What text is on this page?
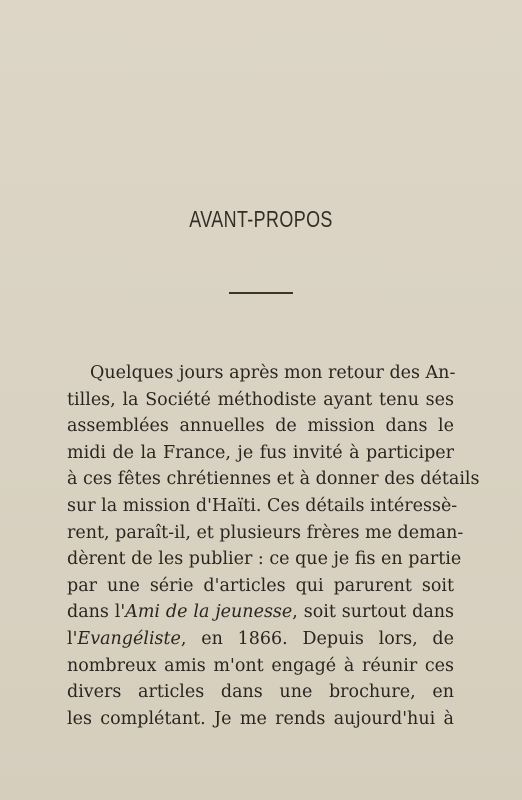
AVANT-PROPOS
Quelques jours après mon retour des An-
tilles, la Société méthodiste ayant tenu ses
assemblées annuelles de mission dans le
midi de la France, je fus invité à participer
à ces fêtes chrétiennes et à donner des détails
sur la mission d'Haïti. Ces détails intéressè-
rent, paraît-il, et plusieurs frères me deman-
dèrent de les publier : ce que je fis en partie
par une série d'articles qui parurent soit
dans l'Ami de la jeunesse, soit surtout dans
l'Evangéliste, en 1866. Depuis lors, de
nombreux amis m'ont engagé à réunir ces
divers articles dans une brochure, en
les complétant. Je me rends aujourd'hui à
